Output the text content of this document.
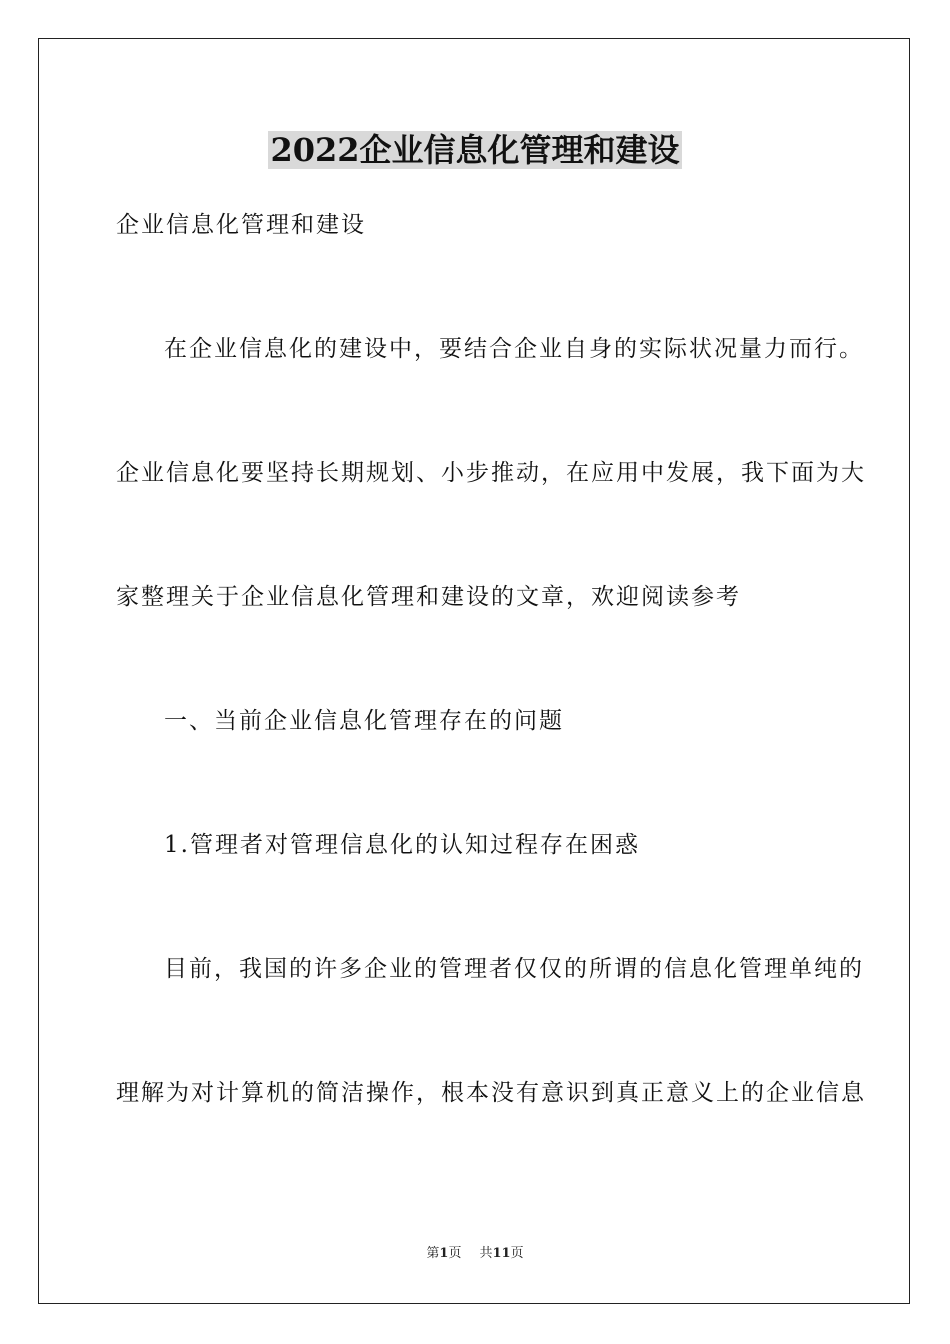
2022企业信息化管理和建设
企业信息化管理和建设
在企业信息化的建设中，要结合企业自身的实际状况量力而行。
企业信息化要坚持长期规划、小步推动，在应用中发展，我下面为大
家整理关于企业信息化管理和建设的文章，欢迎阅读参考
一、当前企业信息化管理存在的问题
1.管理者对管理信息化的认知过程存在困惑
目前，我国的许多企业的管理者仅仅的所谓的信息化管理单纯的
理解为对计算机的简洁操作，根本没有意识到真正意义上的企业信息
第1页 共11页
